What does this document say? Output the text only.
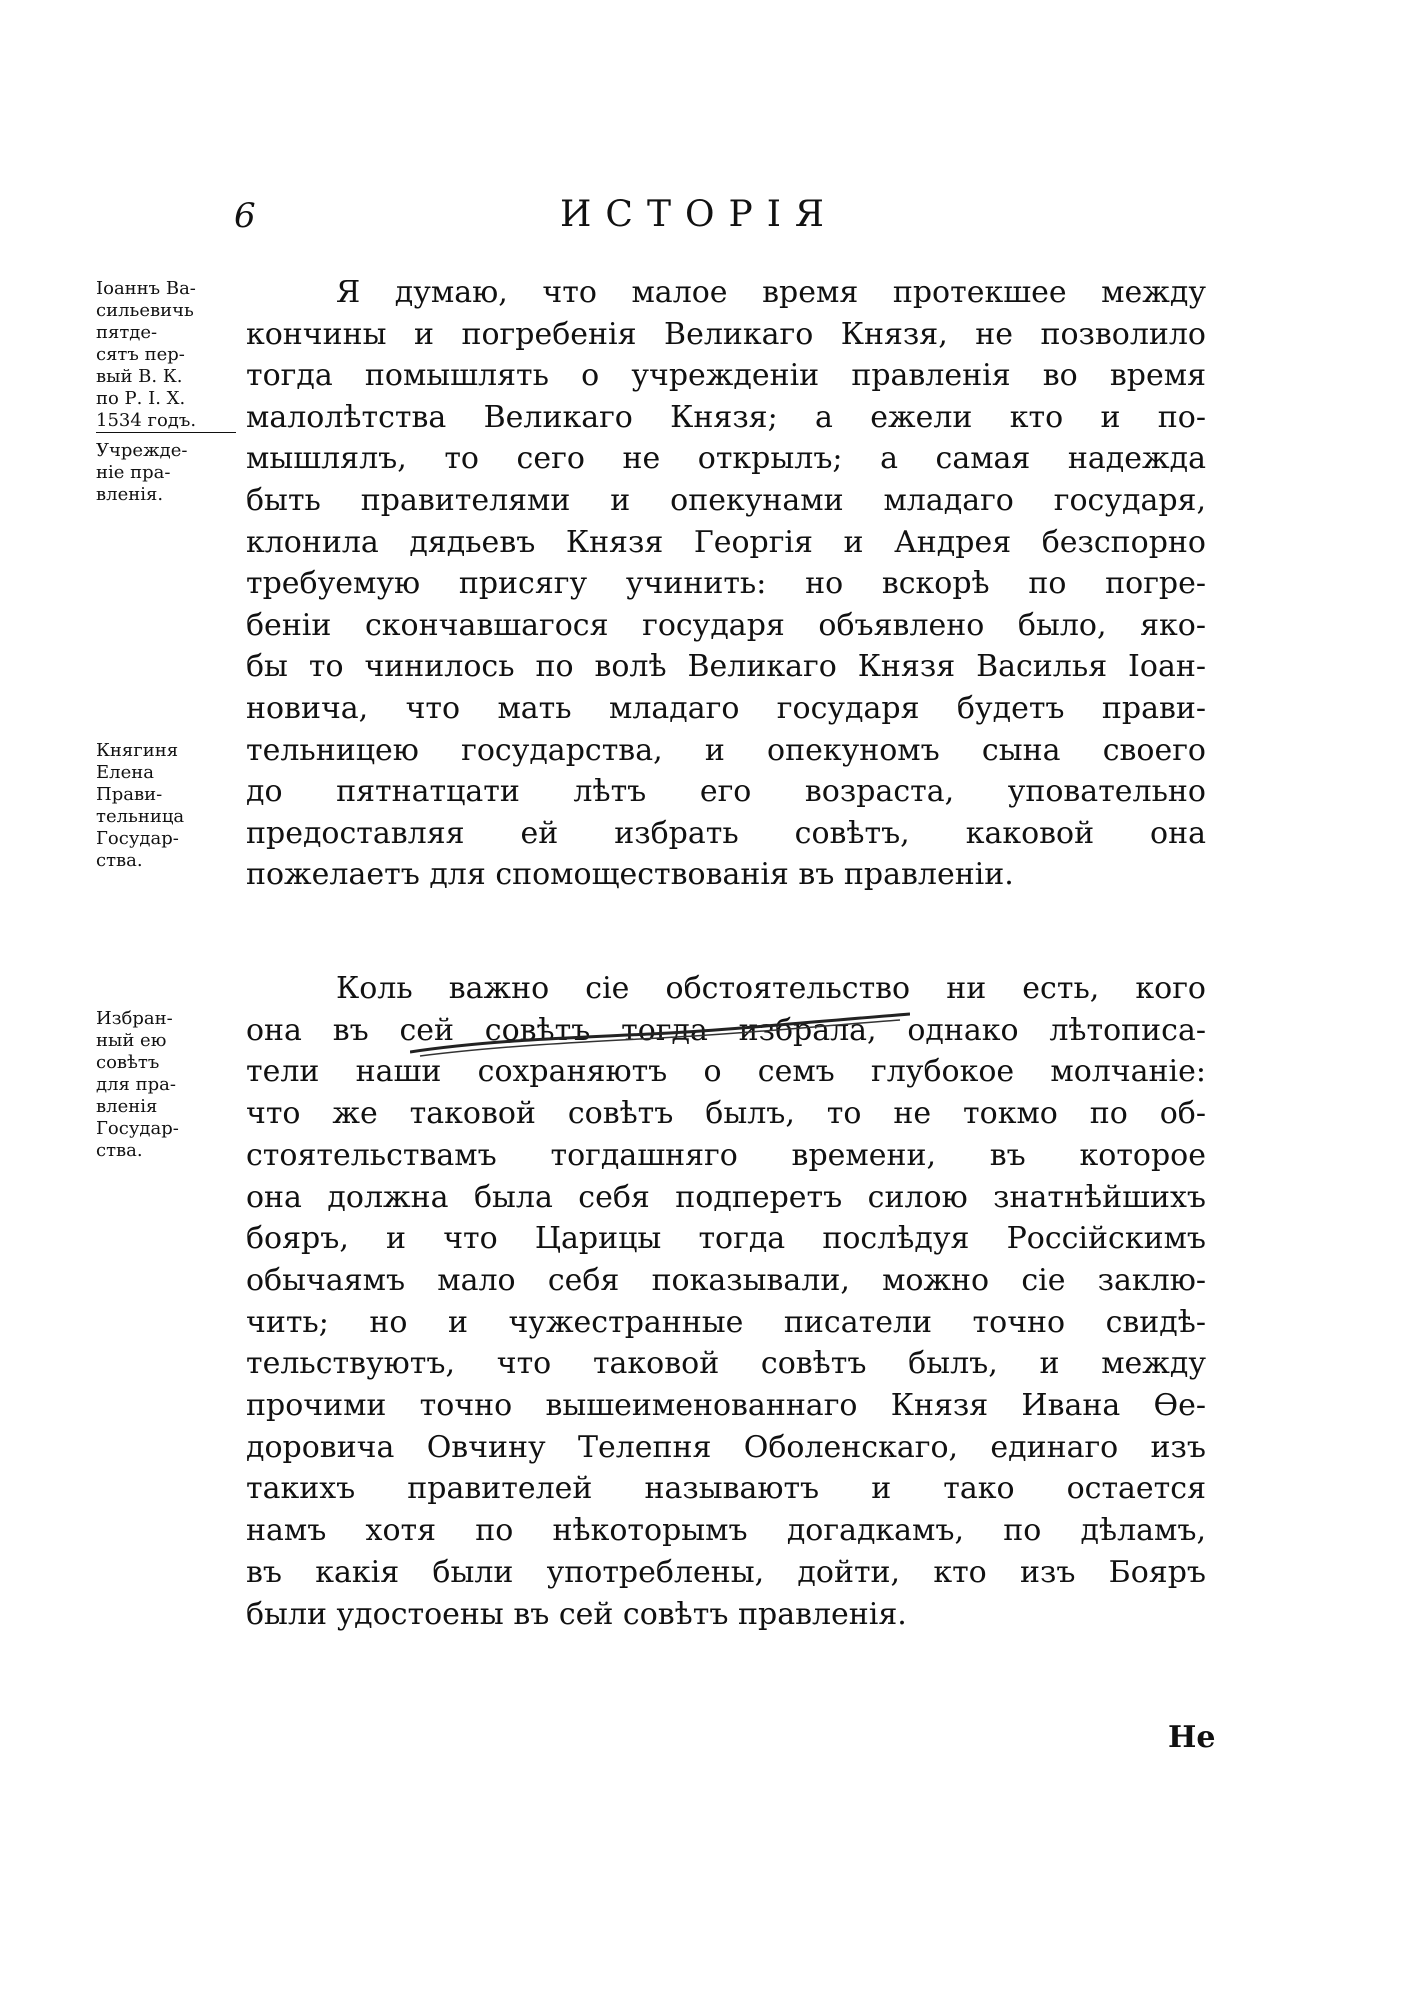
6	ИСТОРІЯ
Іоаннъ Ва-
сильевичь
пятде-
сятъ пер-
вый В. К.
по Р. І. Х.
1534 годъ.
Учрежде-
ніе пра-
вленія.
Княгиня
Елена
Прави-
тельница
Государ-
ства.
Избран-
ный ею
совѣтъ
для пра-
вленія
Государ-
ства.
Я думаю, что малое время протекшее между
кончины и погребенія Великаго Князя, не позволило
тогда помышлять о учрежденіи правленія во время
малолѣтства Великаго Князя; а ежели кто и по-
мышлялъ, то сего не открылъ; а самая надежда
быть правителями и опекунами младаго государя,
клонила дядьевъ Князя Георгія и Андрея безспорно
требуемую присягу учинить: но вскорѣ по погре-
беніи скончавшагося государя объявлено было, яко-
бы то чинилось по волѣ Великаго Князя Василья Іоан-
новича, что мать младаго государя будетъ прави-
тельницею государства, и опекуномъ сына своего
до пятнатцати лѣтъ его возраста, уповательно
предоставляя ей избрать совѣтъ, каковой она
пожелаетъ для спомоществованія въ правленіи.
Коль важно сіе обстоятельство ни есть, кого
она въ сей совѣтъ тогда избрала, однако лѣтописа-
тели наши сохраняютъ о семъ глубокое молчаніе:
что же таковой совѣтъ былъ, то не токмо по об-
стоятельствамъ тогдашняго времени, въ которое
она должна была себя подперетъ силою знатнѣйшихъ
бояръ, и что Царицы тогда послѣдуя Россійскимъ
обычаямъ мало себя показывали, можно сіе заклю-
чить; но и чужестранные писатели точно свидѣ-
тельствуютъ, что таковой совѣтъ былъ, и между
прочими точно вышеименованнаго Князя Ивана Ѳе-
доровича Овчину Телепня Оболенскаго, единаго изъ
такихъ правителей называютъ и тако остается
намъ хотя по нѣкоторымъ догадкамъ, по дѣламъ,
въ какія были употреблены, дойти, кто изъ Бояръ
были удостоены въ сей совѣтъ правленія.
Не
